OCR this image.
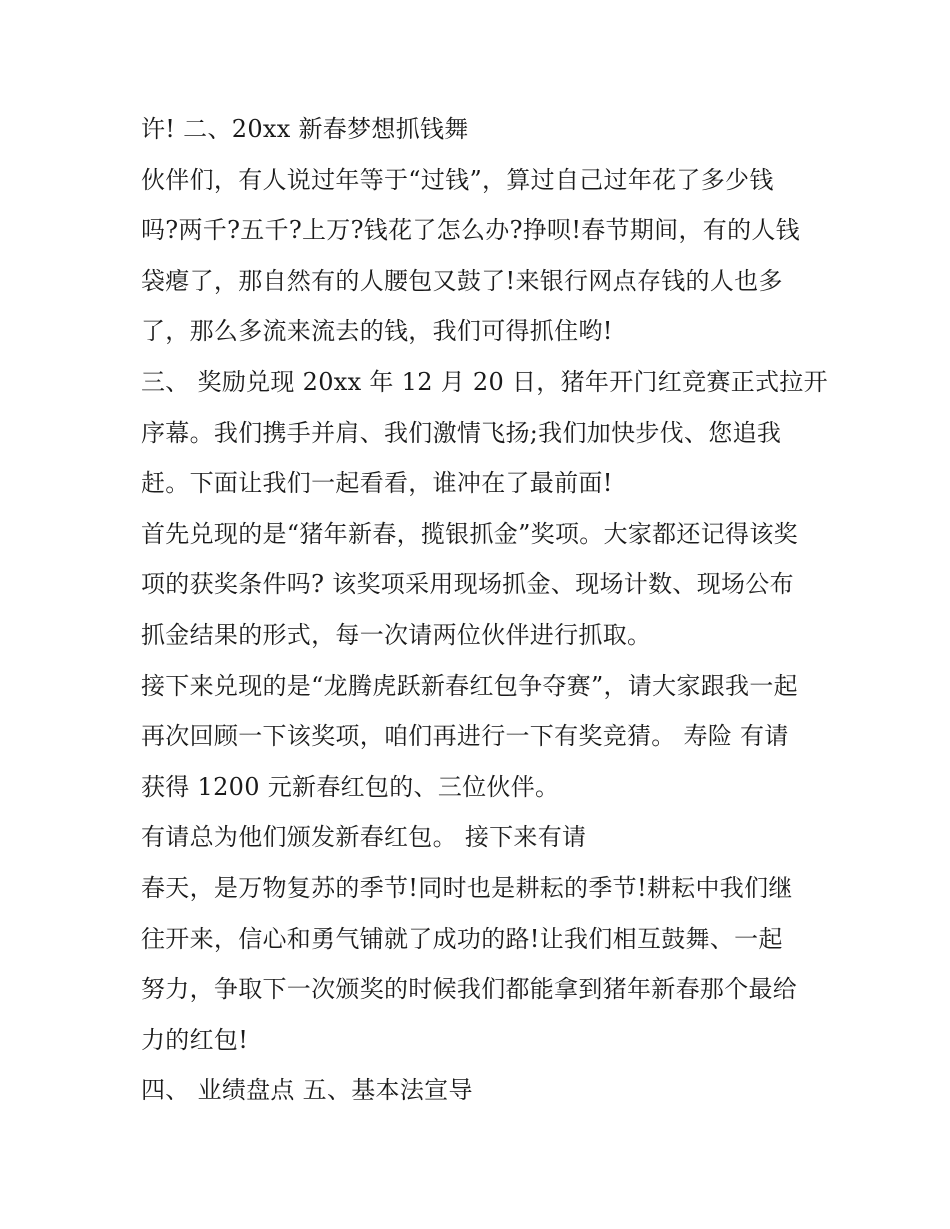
许! 二、20xx 新春梦想抓钱舞
伙伴们，有人说过年等于“过钱”，算过自己过年花了多少钱
吗?两千?五千?上万?钱花了怎么办?挣呗!春节期间，有的人钱
袋瘪了，那自然有的人腰包又鼓了!来银行网点存钱的人也多
了，那么多流来流去的钱，我们可得抓住哟!
三、 奖励兑现 20xx 年 12 月 20 日，猪年开门红竞赛正式拉开
序幕。我们携手并肩、我们激情飞扬;我们加快步伐、您追我
赶。下面让我们一起看看，谁冲在了最前面!
首先兑现的是“猪年新春，揽银抓金”奖项。大家都还记得该奖
项的获奖条件吗? 该奖项采用现场抓金、现场计数、现场公布
抓金结果的形式，每一次请两位伙伴进行抓取。
接下来兑现的是“龙腾虎跃新春红包争夺赛”，请大家跟我一起
再次回顾一下该奖项，咱们再进行一下有奖竞猜。 寿险 有请
获得 1200 元新春红包的、三位伙伴。
有请总为他们颁发新春红包。 接下来有请
春天，是万物复苏的季节!同时也是耕耘的季节!耕耘中我们继
往开来，信心和勇气铺就了成功的路!让我们相互鼓舞、一起
努力，争取下一次颁奖的时候我们都能拿到猪年新春那个最给
力的红包!
四、 业绩盘点 五、基本法宣导
